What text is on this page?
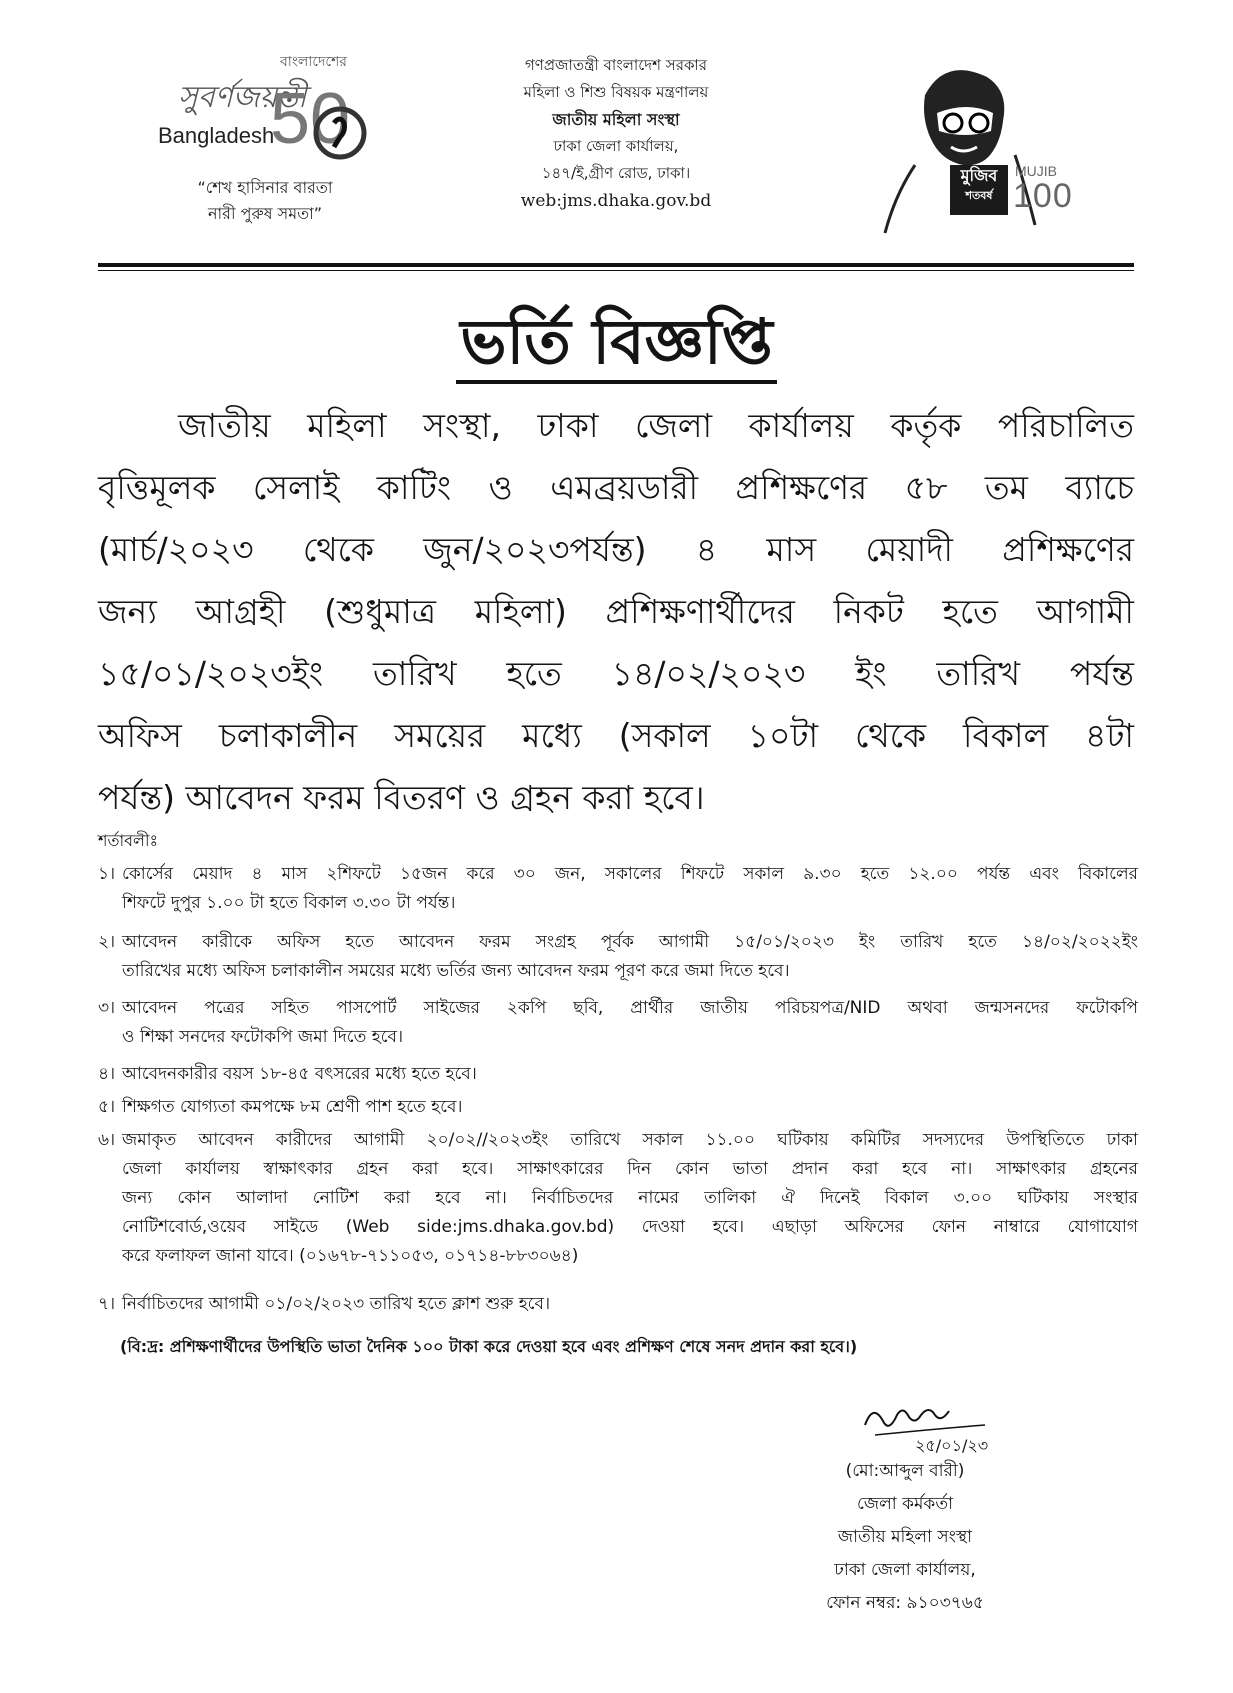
বাংলাদেশের
সুবর্ণজয়ন্তী
Bangladesh
50
“শেখ হাসিনার বারতা
নারী পুরুষ সমতা”
গণপ্রজাতন্ত্রী বাংলাদেশ সরকার
মহিলা ও শিশু বিষয়ক মন্ত্রণালয়
জাতীয় মহিলা সংস্থা
ঢাকা জেলা কার্যালয়,
১৪৭/ই,গ্রীণ রোড, ঢাকা।
web:jms.dhaka.gov.bd
মুজিব
শতবর্ষ
MUJIB
100
ভর্তি বিজ্ঞপ্তি
জাতীয় মহিলা সংস্থা, ঢাকা জেলা কার্যালয় কর্তৃক পরিচালিত
বৃত্তিমূলক সেলাই কাটিং ও এমব্রয়ডারী প্রশিক্ষণের ৫৮ তম ব্যাচে
(মার্চ/২০২৩ থেকে জুন/২০২৩পর্যন্ত) ৪ মাস মেয়াদী প্রশিক্ষণের
জন্য আগ্রহী (শুধুমাত্র মহিলা) প্রশিক্ষণার্থীদের নিকট হতে আগামী
১৫/০১/২০২৩ইং তারিখ হতে ১৪/০২/২০২৩ ইং তারিখ পর্যন্ত
অফিস চলাকালীন সময়ের মধ্যে (সকাল ১০টা থেকে বিকাল ৪টা
পর্যন্ত) আবেদন ফরম বিতরণ ও গ্রহন করা হবে।
শর্তাবলীঃ
১। কোর্সের মেয়াদ ৪ মাস ২শিফটে ১৫জন করে ৩০ জন, সকালের শিফটে সকাল ৯.৩০ হতে ১২.০০ পর্যন্ত এবং বিকালের
শিফটে দুপুর ১.০০ টা হতে বিকাল ৩.৩০ টা পর্যন্ত।
২। আবেদন কারীকে অফিস হতে আবেদন ফরম সংগ্রহ পূর্বক আগামী ১৫/০১/২০২৩ ইং তারিখ হতে ১৪/০২/২০২২ইং
তারিখের মধ্যে অফিস চলাকালীন সময়ের মধ্যে ভর্তির জন্য আবেদন ফরম পূরণ করে জমা দিতে হবে।
৩। আবেদন পত্রের সহিত পাসপোর্ট সাইজের ২কপি ছবি, প্রার্থীর জাতীয় পরিচয়পত্র/NID অথবা জন্মসনদের ফটোকপি
ও শিক্ষা সনদের ফটোকপি জমা দিতে হবে।
৪। আবেদনকারীর বয়স ১৮-৪৫ বৎসরের মধ্যে হতে হবে।
৫। শিক্ষগত যোগ্যতা কমপক্ষে ৮ম শ্রেণী পাশ হতে হবে।
৬। জমাকৃত আবেদন কারীদের আগামী ২০/০২//২০২৩ইং তারিখে সকাল ১১.০০ ঘটিকায় কমিটির সদস্যদের উপস্থিতিতে ঢাকা
জেলা কার্যালয় স্বাক্ষাৎকার গ্রহন করা হবে। সাক্ষাৎকারের দিন কোন ভাতা প্রদান করা হবে না। সাক্ষাৎকার গ্রহনের
জন্য কোন আলাদা নোটিশ করা হবে না। নির্বাচিতদের নামের তালিকা ঐ দিনেই বিকাল ৩.০০ ঘটিকায় সংস্থার
নোটিশবোর্ড,ওয়েব সাইডে (Web side:jms.dhaka.gov.bd) দেওয়া হবে। এছাড়া অফিসের ফোন নাম্বারে যোগাযোগ
করে ফলাফল জানা যাবে। (০১৬৭৮-৭১১০৫৩, ০১৭১৪-৮৮৩০৬৪)
৭। নির্বাচিতদের আগামী ০১/০২/২০২৩ তারিখ হতে ক্লাশ শুরু হবে।
(বি:দ্র: প্রশিক্ষণার্থীদের উপস্থিতি ভাতা দৈনিক ১০০ টাকা করে দেওয়া হবে এবং প্রশিক্ষণ শেষে সনদ প্রদান করা হবে।)
২৫/০১/২৩
(মো:আব্দুল বারী)
জেলা কর্মকর্তা
জাতীয় মহিলা সংস্থা
ঢাকা জেলা কার্যালয়,
ফোন নম্বর: ৯১০৩৭৬৫
